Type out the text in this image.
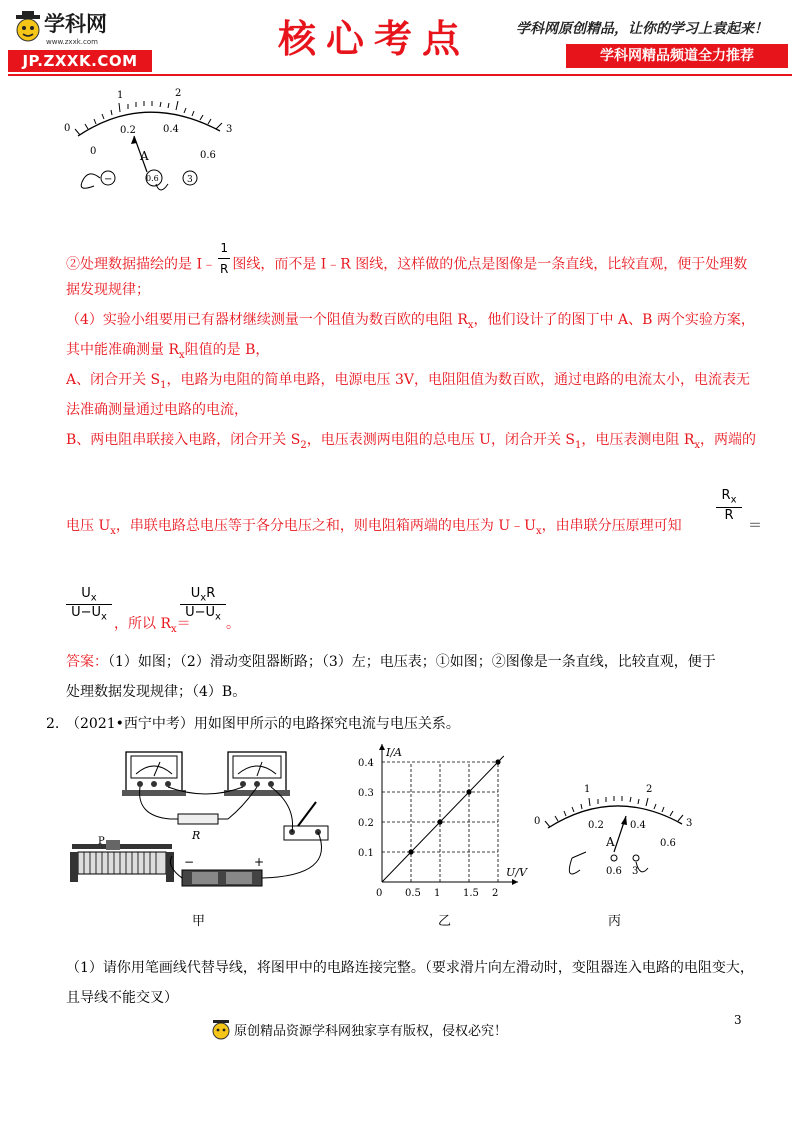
学科网
www.zxxk.com
JP.ZXXK.COM	核心考点	学科网原创精品，让你的学习上袁起来！
学科网精品频道全力推荐
0
1	2
3
0
0.2	0.4
0.6
A
−	0.6	3
②处理数据描绘的是 I﹣ $\frac{1}{R}$ 图线，而不是 I﹣R 图线，这样做的优点是图像是一条直线，比较直观，便于处理数
据发现规律；
（4）实验小组要用已有器材继续测量一个阻值为数百欧的电阻 $R_x$，他们设计了的图丁中 A、B 两个实验方案，
其中能准确测量 $R_x$阻值的是 B，
A、闭合开关 $S_1$，电路为电阻的简单电路，电源电压 3V，电阻阻值为数百欧，通过电路的电流太小，电流表无
法准确测量通过电路的电流，
B、两电阻串联接入电路，闭合开关 $S_2$，电压表测两电阻的总电压 U，闭合开关 $S_1$，电压表测电阻 $R_x$，两端的
$R_x$
R
电压 $U_x$，串联电路总电压等于各分电压之和，则电阻箱两端的电压为 $U﹣U_x$，由串联分压原理可知	＝
$U_x$
$U-U_x$ ，所以 $R_x=$
$U_xR$
$U-U_x$ 。
答案：（1）如图；（2）滑动变阻器断路；（3）左；电压表；①如图；②图像是一条直线，比较直观，便于
处理数据发现规律；（4）B。
2. （2021•西宁中考）用如图甲所示的电路探究电流与电压关系。
R
P
−	+
甲
U/V
I/A
0 0.5 1 1.5 2
0.1
0.2
0.3
0.4
乙
0
1	2
3
0.2	0.4
0.6
A
0.6 3
丙
（1）请你用笔画线代替导线，将图甲中的电路连接完整。（要求滑片向左滑动时，变阻器连入电路的电阻变大，
且导线不能交叉）
原创精品资源学科网独家享有版权，侵权必究！
3
